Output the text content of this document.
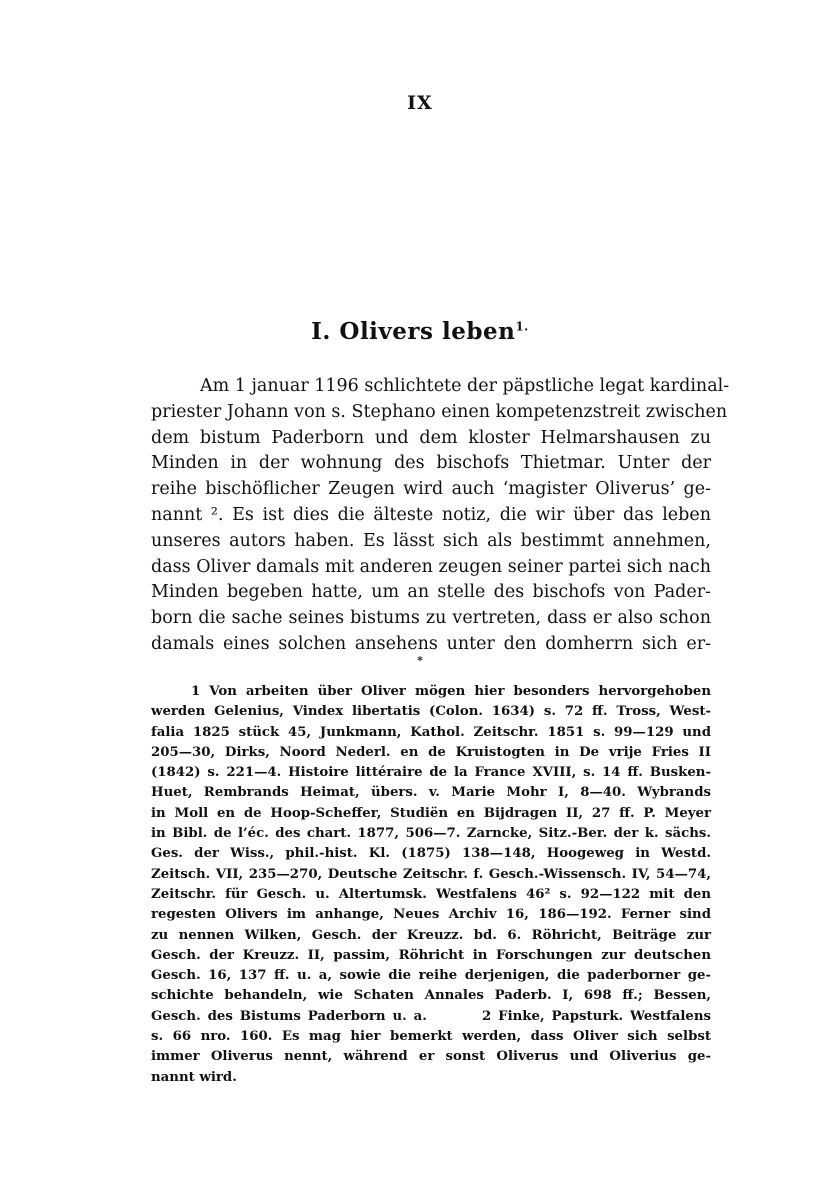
IX
I. Olivers leben$^{1.}$
Am 1 januar 1196 schlichtete der päpstliche legat kardinal-
priester Johann von s. Stephano einen kompetenzstreit zwischen
dem bistum Paderborn und dem kloster Helmarshausen zu
Minden in der wohnung des bischofs Thietmar. Unter der
reihe bischöflicher Zeugen wird auch ‘magister Oliverus’ ge-
nannt ². Es ist dies die älteste notiz, die wir über das leben
unseres autors haben. Es lässt sich als bestimmt annehmen,
dass Oliver damals mit anderen zeugen seiner partei sich nach
Minden begeben hatte, um an stelle des bischofs von Pader-
born die sache seines bistums zu vertreten, dass er also schon
damals eines solchen ansehens unter den domherrn sich er-
*
1 Von arbeiten über Oliver mögen hier besonders hervorgehoben
werden Gelenius, Vindex libertatis (Colon. 1634) s. 72 ff. Tross, West-
falia 1825 stück 45, Junkmann, Kathol. Zeitschr. 1851 s. 99—129 und
205—30, Dirks, Noord Nederl. en de Kruistogten in De vrije Fries II
(1842) s. 221—4. Histoire littéraire de la France XVIII, s. 14 ff. Busken-
Huet, Rembrands Heimat, übers. v. Marie Mohr I, 8—40. Wybrands
in Moll en de Hoop-Scheffer, Studiën en Bijdragen II, 27 ff. P. Meyer
in Bibl. de l’éc. des chart. 1877, 506—7. Zarncke, Sitz.-Ber. der k. sächs.
Ges. der Wiss., phil.-hist. Kl. (1875) 138—148, Hoogeweg in Westd.
Zeitsch. VII, 235—270, Deutsche Zeitschr. f. Gesch.-Wissensch. IV, 54—74,
Zeitschr. für Gesch. u. Altertumsk. Westfalens 46² s. 92—122 mit den
regesten Olivers im anhange, Neues Archiv 16, 186—192. Ferner sind
zu nennen Wilken, Gesch. der Kreuzz. bd. 6. Röhricht, Beiträge zur
Gesch. der Kreuzz. II, passim, Röhricht in Forschungen zur deutschen
Gesch. 16, 137 ff. u. a, sowie die reihe derjenigen, die paderborner ge-
schichte behandeln, wie Schaten Annales Paderb. I, 698 ff.; Bessen,
Gesch. des Bistums Paderborn u. a.        2 Finke, Papsturk. Westfalens
s. 66 nro. 160. Es mag hier bemerkt werden, dass Oliver sich selbst
immer Oliverus nennt, während er sonst Oliverus und Oliverius ge-
nannt wird.
